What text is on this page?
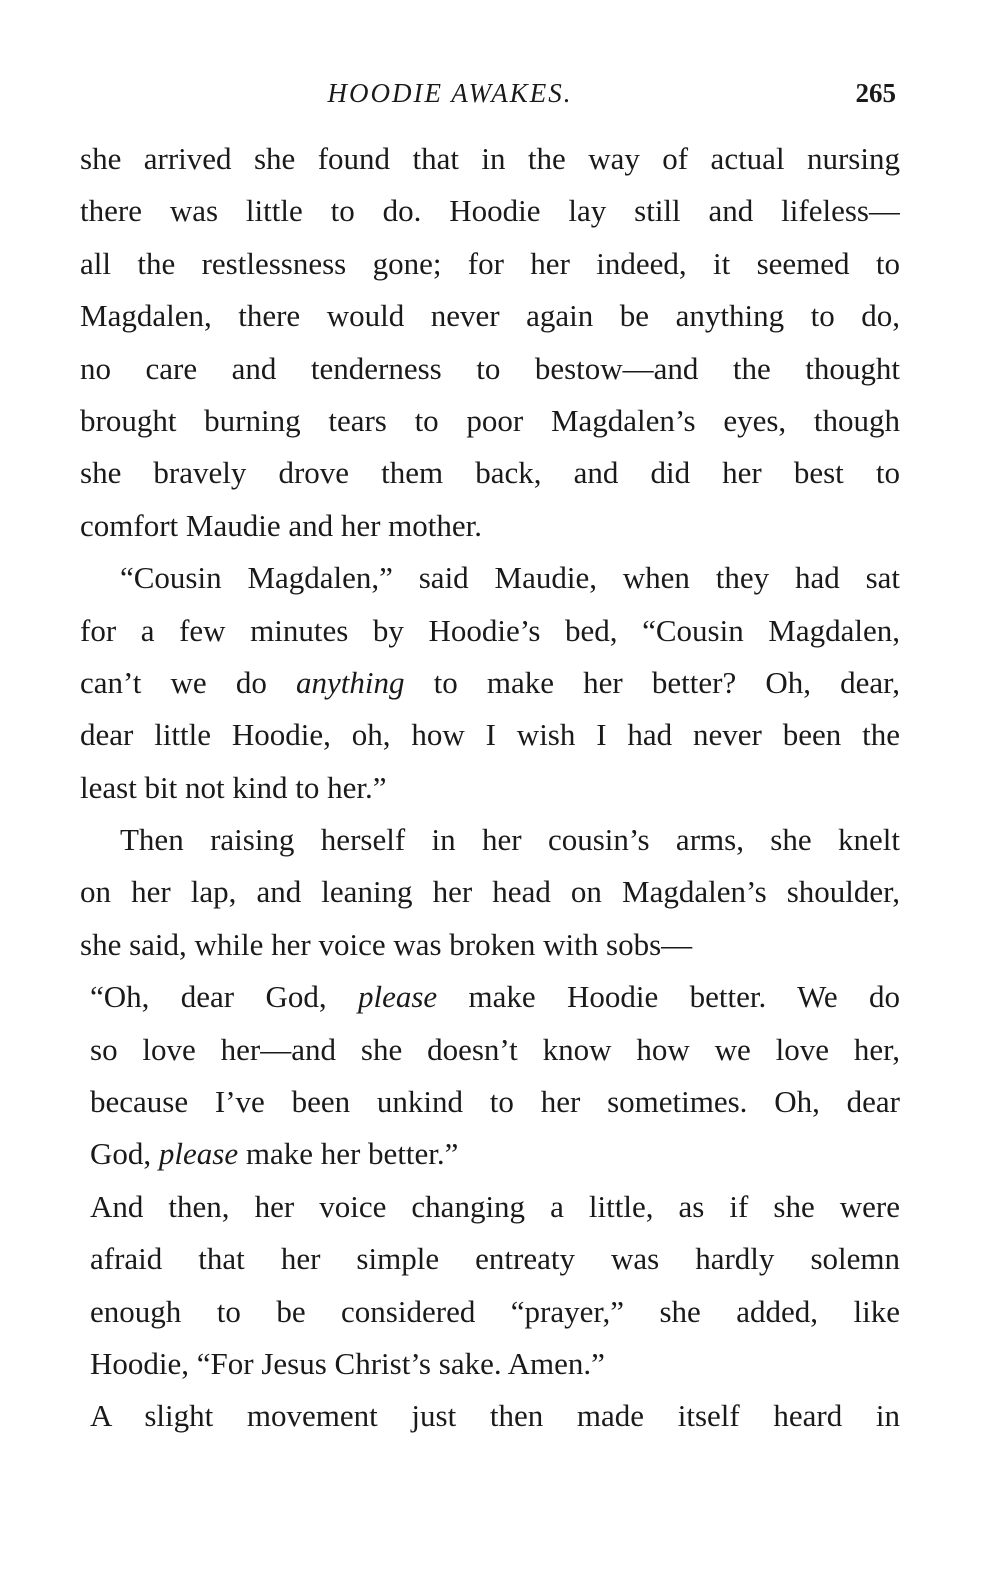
HOODIE AWAKES.	265
she arrived she found that in the way of actual nursing
there was little to do. Hoodie lay still and lifeless—
all the restlessness gone; for her indeed, it seemed to
Magdalen, there would never again be anything to do,
no care and tenderness to bestow—and the thought
brought burning tears to poor Magdalen’s eyes, though
she bravely drove them back, and did her best to
comfort Maudie and her mother.
“Cousin Magdalen,” said Maudie, when they had sat
for a few minutes by Hoodie’s bed, “Cousin Magdalen,
can’t we do anything to make her better? Oh, dear,
dear little Hoodie, oh, how I wish I had never been the
least bit not kind to her.”
Then raising herself in her cousin’s arms, she knelt
on her lap, and leaning her head on Magdalen’s shoulder,
she said, while her voice was broken with sobs—
“Oh, dear God, please make Hoodie better. We do
so love her—and she doesn’t know how we love her,
because I’ve been unkind to her sometimes. Oh, dear
God, please make her better.”
And then, her voice changing a little, as if she were
afraid that her simple entreaty was hardly solemn
enough to be considered “prayer,” she added, like
Hoodie, “For Jesus Christ’s sake. Amen.”
A slight movement just then made itself heard in
